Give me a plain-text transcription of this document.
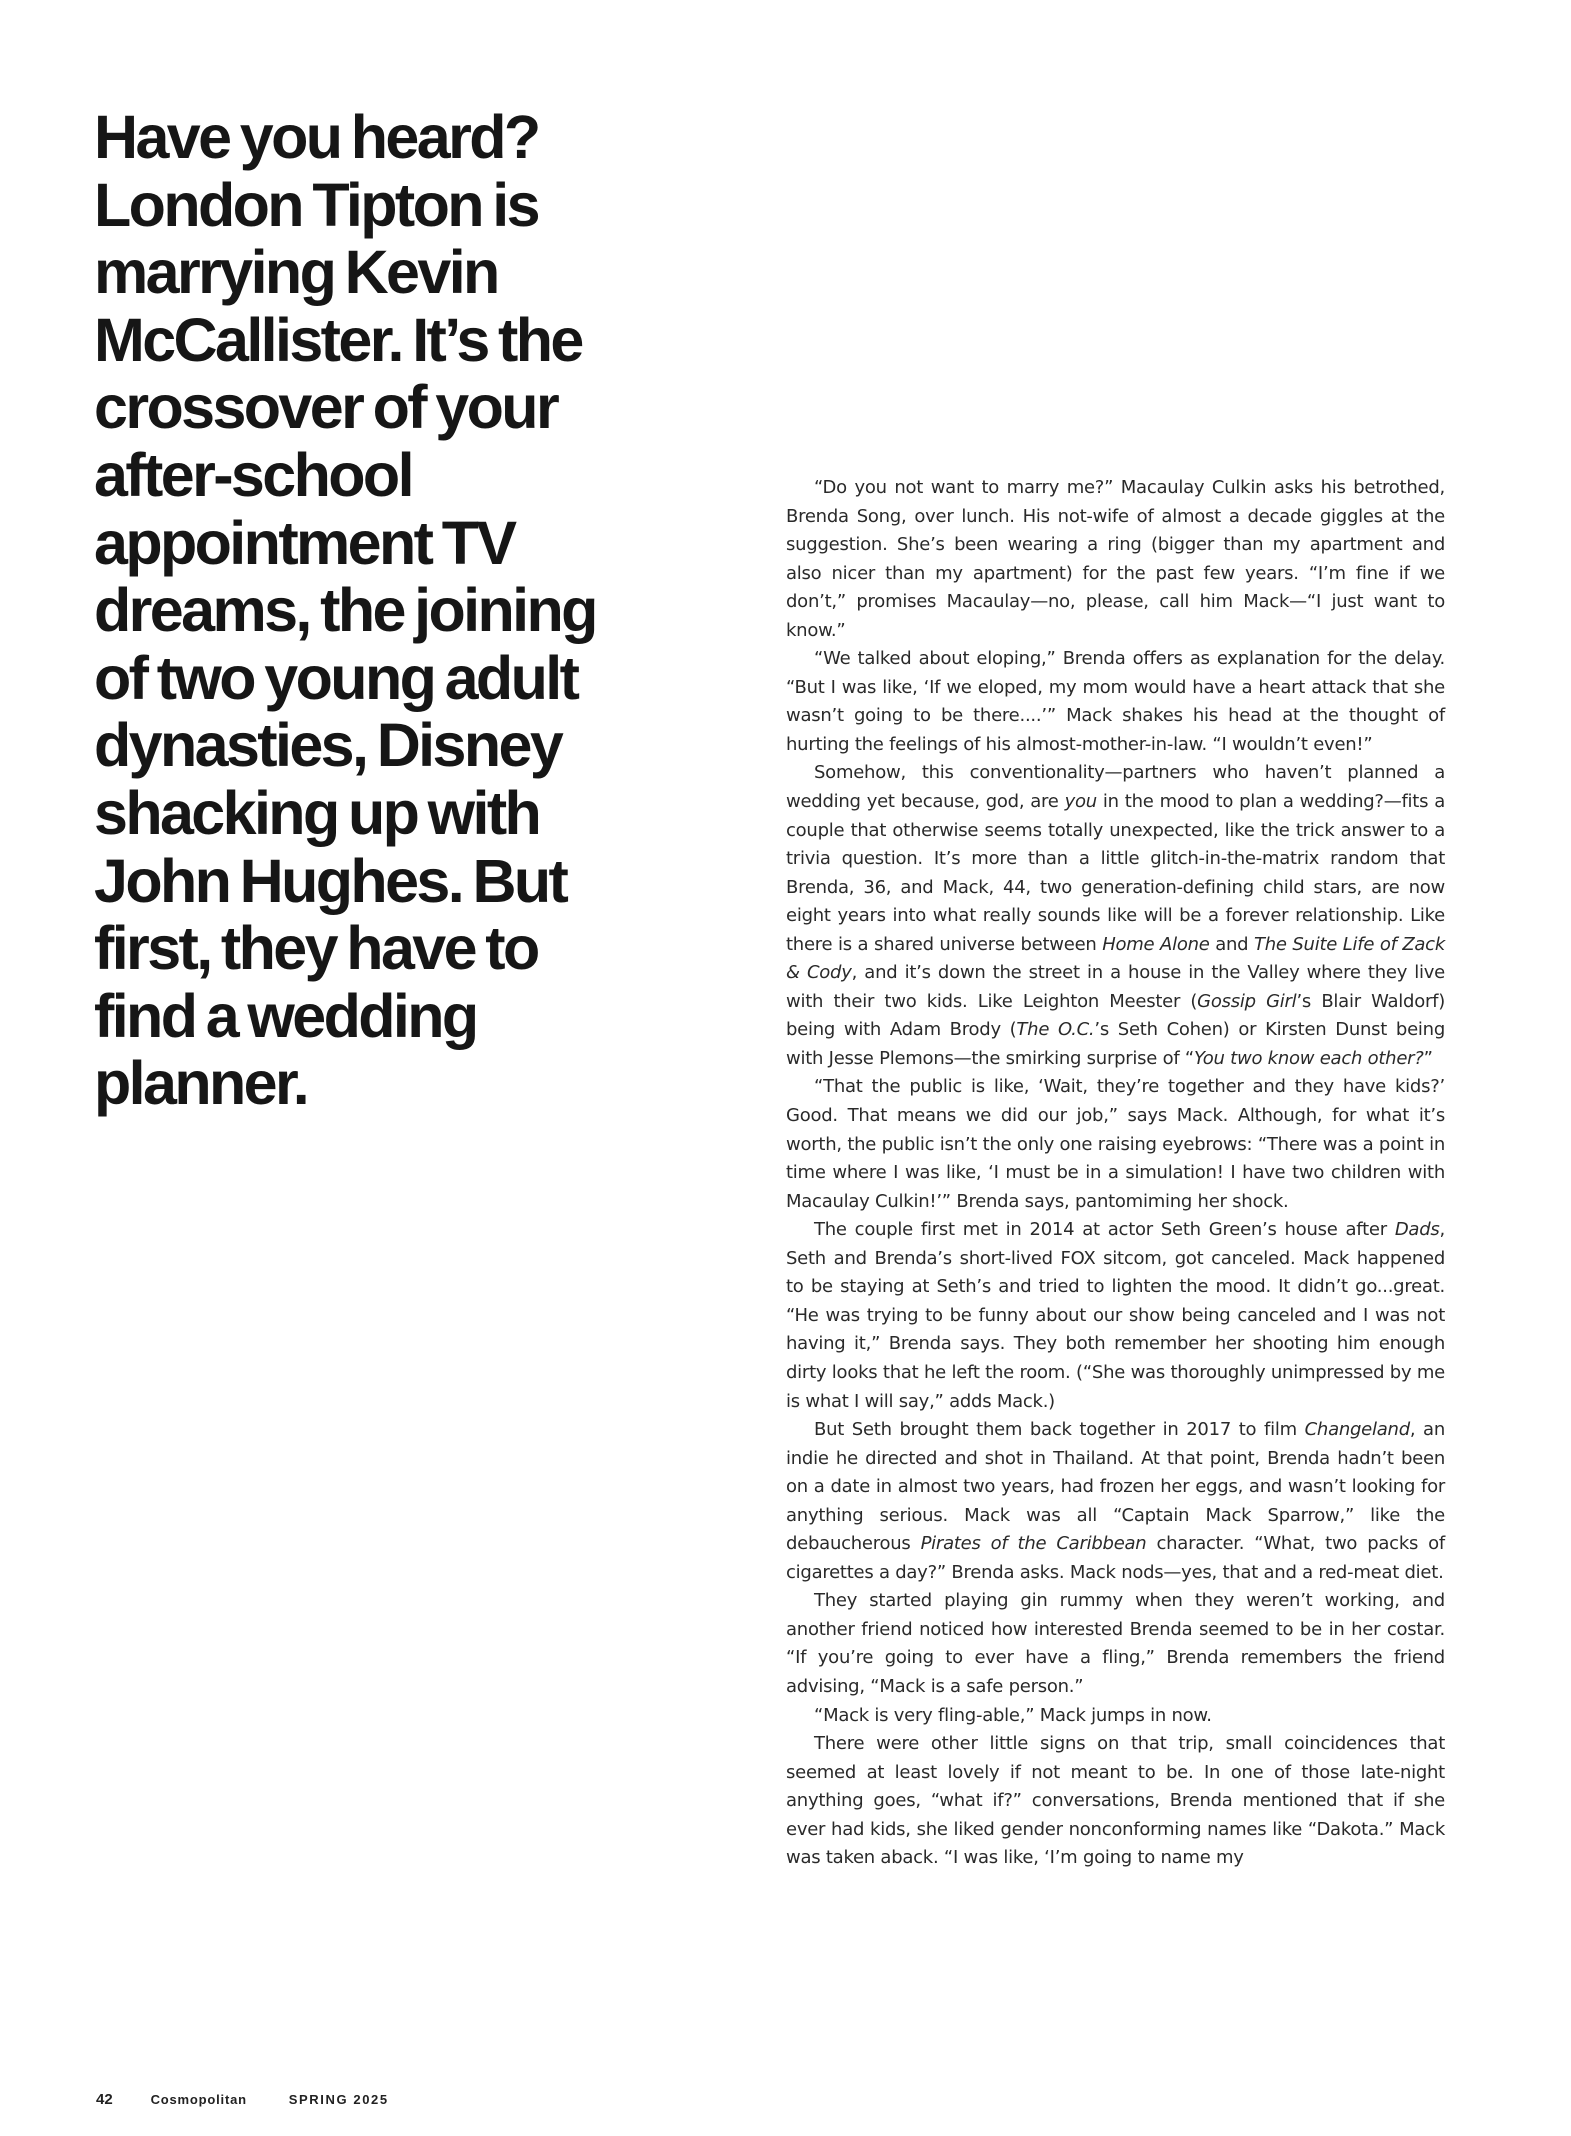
Have you heard? London Tipton is marrying Kevin McCallister. It’s the crossover of your after-school appointment TV dreams, the joining of two young adult dynasties, Disney shacking up with John Hughes. But first, they have to find a wedding planner.

“Do you not want to marry me?” Macaulay Culkin asks his betrothed, Brenda Song, over lunch. His not-wife of almost a decade giggles at the suggestion. She’s been wearing a ring (bigger than my apartment and also nicer than my apartment) for the past few years. “I’m fine if we don’t,” promises Macaulay—no, please, call him Mack—“I just want to know.”

“We talked about eloping,” Brenda offers as explanation for the delay. “But I was like, ‘If we eloped, my mom would have a heart attack that she wasn’t going to be there....’” Mack shakes his head at the thought of hurting the feelings of his almost-mother-in-law. “I wouldn’t even!”

Somehow, this conventionality—partners who haven’t planned a wedding yet because, god, are you in the mood to plan a wedding?—fits a couple that otherwise seems totally unexpected, like the trick answer to a trivia question. It’s more than a little glitch-in-the-matrix random that Brenda, 36, and Mack, 44, two generation-defining child stars, are now eight years into what really sounds like will be a forever relationship. Like there is a shared universe between Home Alone and The Suite Life of Zack & Cody, and it’s down the street in a house in the Valley where they live with their two kids. Like Leighton Meester (Gossip Girl’s Blair Waldorf) being with Adam Brody (The O.C.’s Seth Cohen) or Kirsten Dunst being with Jesse Plemons—the smirking surprise of “You two know each other?”

“That the public is like, ‘Wait, they’re together and they have kids?’ Good. That means we did our job,” says Mack. Although, for what it’s worth, the public isn’t the only one raising eyebrows: “There was a point in time where I was like, ‘I must be in a simulation! I have two children with Macaulay Culkin!’” Brenda says, pantomiming her shock.

The couple first met in 2014 at actor Seth Green’s house after Dads, Seth and Brenda’s short-lived FOX sitcom, got canceled. Mack happened to be staying at Seth’s and tried to lighten the mood. It didn’t go...great. “He was trying to be funny about our show being canceled and I was not having it,” Brenda says. They both remember her shooting him enough dirty looks that he left the room. (“She was thoroughly unimpressed by me is what I will say,” adds Mack.)

But Seth brought them back together in 2017 to film Changeland, an indie he directed and shot in Thailand. At that point, Brenda hadn’t been on a date in almost two years, had frozen her eggs, and wasn’t looking for anything serious. Mack was all “Captain Mack Sparrow,” like the debaucherous Pirates of the Caribbean character. “What, two packs of cigarettes a day?” Brenda asks. Mack nods—yes, that and a red-meat diet.

They started playing gin rummy when they weren’t working, and another friend noticed how interested Brenda seemed to be in her costar. “If you’re going to ever have a fling,” Brenda remembers the friend advising, “Mack is a safe person.”

“Mack is very fling-able,” Mack jumps in now.

There were other little signs on that trip, small coincidences that seemed at least lovely if not meant to be. In one of those late-night anything goes, “what if?” conversations, Brenda mentioned that if she ever had kids, she liked gender nonconforming names like “Dakota.” Mack was taken aback. “I was like, ‘I’m going to name my

42	Cosmopolitan	SPRING 2025
